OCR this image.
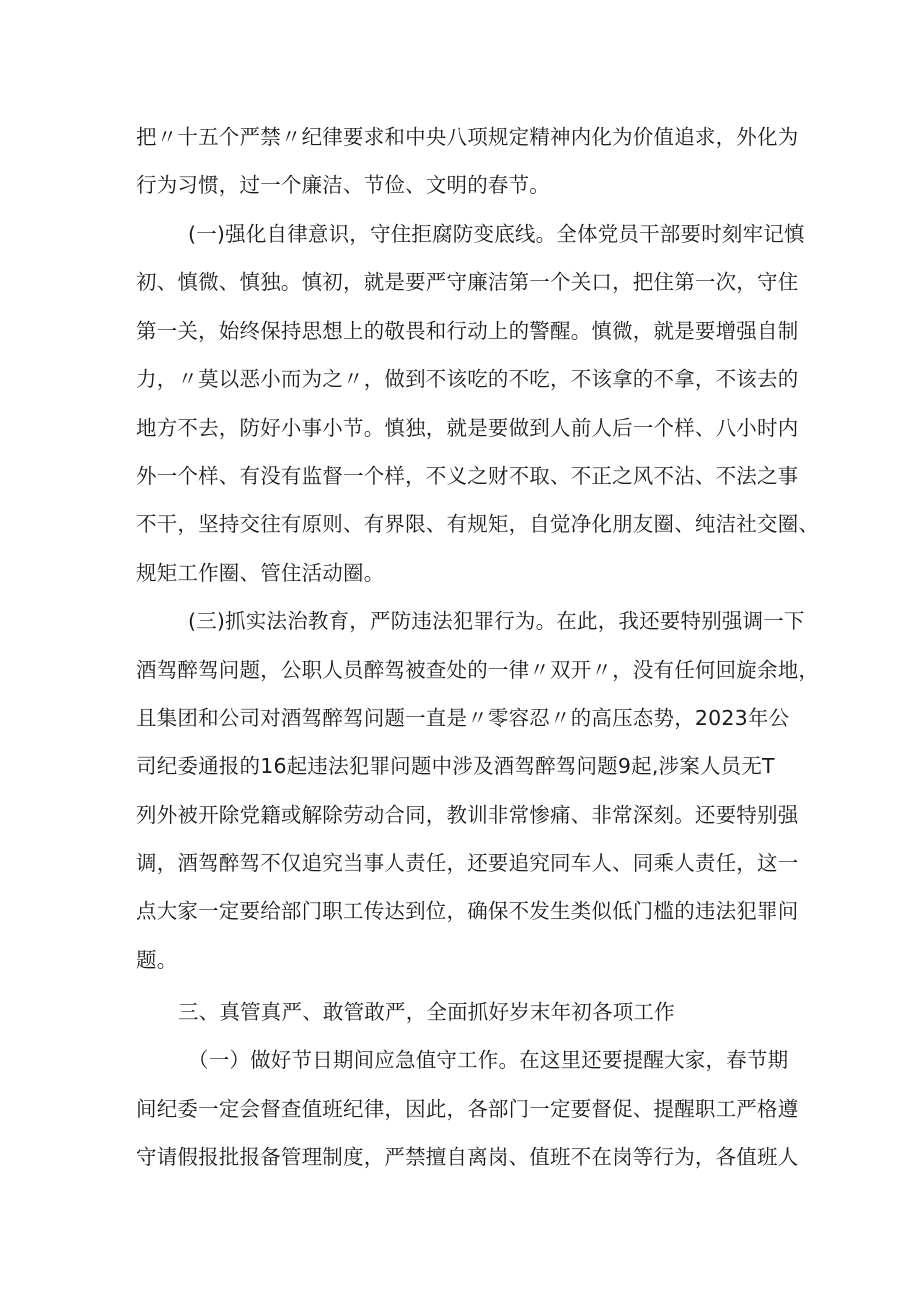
把〃十五个严禁〃纪律要求和中央八项规定精神内化为价值追求，外化为
行为习惯，过一个廉洁、节俭、文明的春节。
(一)强化自律意识，守住拒腐防变底线。全体党员干部要时刻牢记慎
初、慎微、慎独。慎初，就是要严守廉洁第一个关口，把住第一次，守住
第一关，始终保持思想上的敬畏和行动上的警醒。慎微，就是要增强自制
力，〃莫以恶小而为之〃，做到不该吃的不吃，不该拿的不拿，不该去的
地方不去，防好小事小节。慎独，就是要做到人前人后一个样、八小时内
外一个样、有没有监督一个样，不义之财不取、不正之风不沾、不法之事
不干，坚持交往有原则、有界限、有规矩，自觉净化朋友圈、纯洁社交圈、
规矩工作圈、管住活动圈。
(三)抓实法治教育，严防违法犯罪行为。在此，我还要特别强调一下
酒驾醉驾问题，公职人员醉驾被查处的一律〃双开〃，没有任何回旋余地，
且集团和公司对酒驾醉驾问题一直是〃零容忍〃的高压态势，2023年公
司纪委通报的16起违法犯罪问题中涉及酒驾醉驾问题9起,涉案人员无T
列外被开除党籍或解除劳动合同，教训非常惨痛、非常深刻。还要特别强
调，酒驾醉驾不仅追究当事人责任，还要追究同车人、同乘人责任，这一
点大家一定要给部门职工传达到位，确保不发生类似低门槛的违法犯罪问
题。
三、真管真严、敢管敢严，全面抓好岁末年初各项工作
（一）做好节日期间应急值守工作。在这里还要提醒大家，春节期
间纪委一定会督查值班纪律，因此，各部门一定要督促、提醒职工严格遵
守请假报批报备管理制度，严禁擅自离岗、值班不在岗等行为，各值班人
